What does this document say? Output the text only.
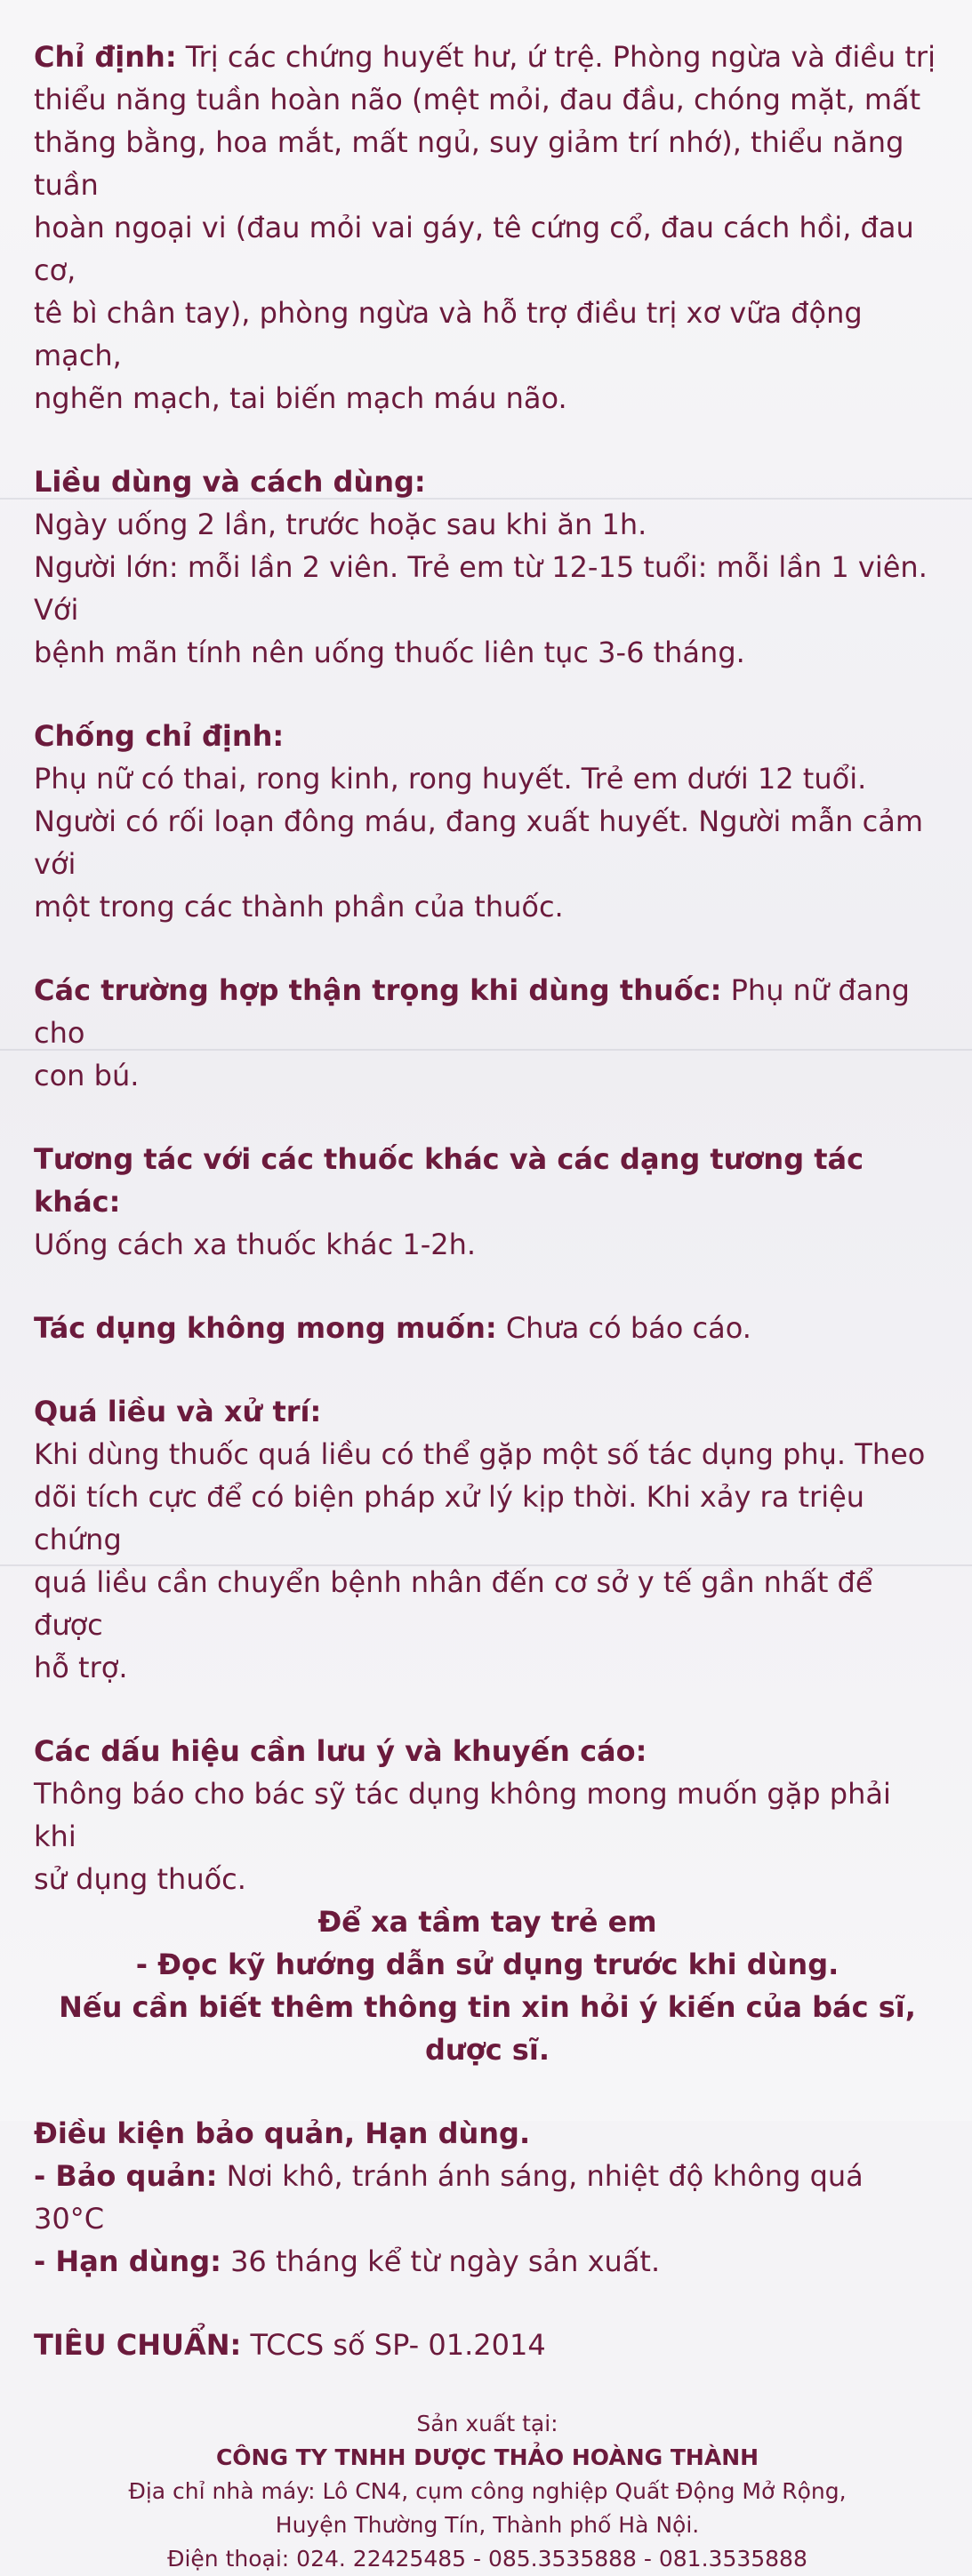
Chỉ định: Trị các chứng huyết hư, ứ trệ. Phòng ngừa và điều trị

thiểu năng tuần hoàn não (mệt mỏi, đau đầu, chóng mặt, mất

thăng bằng, hoa mắt, mất ngủ, suy giảm trí nhớ), thiểu năng tuần

hoàn ngoại vi (đau mỏi vai gáy, tê cứng cổ, đau cách hồi, đau cơ,

tê bì chân tay), phòng ngừa và hỗ trợ điều trị xơ vữa động mạch,

nghẽn mạch, tai biến mạch máu não.

Liều dùng và cách dùng:

Ngày uống 2 lần, trước hoặc sau khi ăn 1h.

Người lớn: mỗi lần 2 viên. Trẻ em từ 12-15 tuổi: mỗi lần 1 viên. Với

bệnh mãn tính nên uống thuốc liên tục 3-6 tháng.

Chống chỉ định:

Phụ nữ có thai, rong kinh, rong huyết. Trẻ em dưới 12 tuổi.

Người có rối loạn đông máu, đang xuất huyết. Người mẫn cảm với

một trong các thành phần của thuốc.

Các trường hợp thận trọng khi dùng thuốc: Phụ nữ đang cho

con bú.

Tương tác với các thuốc khác và các dạng tương tác khác:

Uống cách xa thuốc khác 1-2h.

Tác dụng không mong muốn: Chưa có báo cáo.

Quá liều và xử trí:

Khi dùng thuốc quá liều có thể gặp một số tác dụng phụ. Theo

dõi tích cực để có biện pháp xử lý kịp thời. Khi xảy ra triệu chứng

quá liều cần chuyển bệnh nhân đến cơ sở y tế gần nhất để được

hỗ trợ.

Các dấu hiệu cần lưu ý và khuyến cáo:

Thông báo cho bác sỹ tác dụng không mong muốn gặp phải khi

sử dụng thuốc.

Để xa tầm tay trẻ em

- Đọc kỹ hướng dẫn sử dụng trước khi dùng.

Nếu cần biết thêm thông tin xin hỏi ý kiến của bác sĩ, dược sĩ.

Điều kiện bảo quản, Hạn dùng.

- Bảo quản: Nơi khô, tránh ánh sáng, nhiệt độ không quá 30°C

- Hạn dùng: 36 tháng kể từ ngày sản xuất.

TIÊU CHUẨN: TCCS số SP- 01.2014

Sản xuất tại:

CÔNG TY TNHH DƯỢC THẢO HOÀNG THÀNH

Địa chỉ nhà máy: Lô CN4, cụm công nghiệp Quất Động Mở Rộng,

Huyện Thường Tín, Thành phố Hà Nội.

Điện thoại: 024. 22425485 - 085.3535888 - 081.3535888
